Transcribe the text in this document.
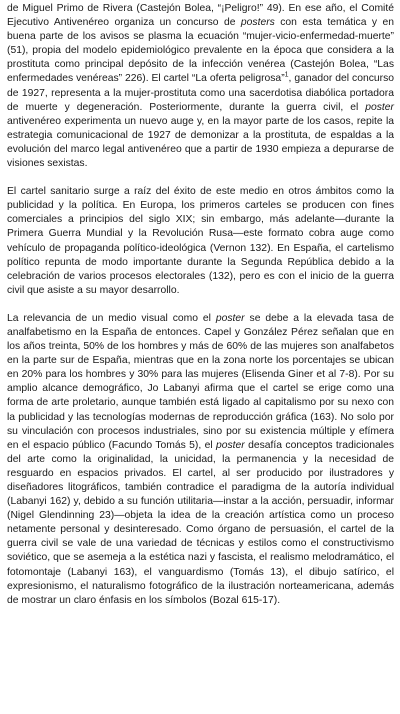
de Miguel Primo de Rivera (Castejón Bolea, “¡Peligro!” 49). En ese año, el Comité Ejecutivo Antivenéreo organiza un concurso de posters con esta temática y en buena parte de los avisos se plasma la ecuación “mujer-vicio-enfermedad-muerte” (51), propia del modelo epidemiológico prevalente en la época que considera a la prostituta como principal depósito de la infección venérea (Castejón Bolea, “Las enfermedades venéreas” 226). El cartel “La oferta peligrosa”$^1$, ganador del concurso de 1927, representa a la mujer-prostituta como una sacerdotisa diabólica portadora de muerte y degeneración. Posteriormente, durante la guerra civil, el poster antivenéreo experimenta un nuevo auge y, en la mayor parte de los casos, repite la estrategia comunicacional de 1927 de demonizar a la prostituta, de espaldas a la evolución del marco legal antivenéreo que a partir de 1930 empieza a depurarse de visiones sexistas.

El cartel sanitario surge a raíz del éxito de este medio en otros ámbitos como la publicidad y la política. En Europa, los primeros carteles se producen con fines comerciales a principios del siglo XIX; sin embargo, más adelante—durante la Primera Guerra Mundial y la Revolución Rusa—este formato cobra auge como vehículo de propaganda político-ideológica (Vernon 132). En España, el cartelismo político repunta de modo importante durante la Segunda República debido a la celebración de varios procesos electorales (132), pero es con el inicio de la guerra civil que asiste a su mayor desarrollo.

La relevancia de un medio visual como el poster se debe a la elevada tasa de analfabetismo en la España de entonces. Capel y González Pérez señalan que en los años treinta, 50% de los hombres y más de 60% de las mujeres son analfabetos en la parte sur de España, mientras que en la zona norte los porcentajes se ubican en 20% para los hombres y 30% para las mujeres (Elisenda Giner et al 7-8). Por su amplio alcance demográfico, Jo Labanyi afirma que el cartel se erige como una forma de arte proletario, aunque también está ligado al capitalismo por su nexo con la publicidad y las tecnologías modernas de reproducción gráfica (163). No solo por su vinculación con procesos industriales, sino por su existencia múltiple y efímera en el espacio público (Facundo Tomás 5), el poster desafía conceptos tradicionales del arte como la originalidad, la unicidad, la permanencia y la necesidad de resguardo en espacios privados. El cartel, al ser producido por ilustradores y diseñadores litográficos, también contradice el paradigma de la autoría individual (Labanyi 162) y, debido a su función utilitaria—instar a la acción, persuadir, informar (Nigel Glendinning 23)—objeta la idea de la creación artística como un proceso netamente personal y desinteresado. Como órgano de persuasión, el cartel de la guerra civil se vale de una variedad de técnicas y estilos como el constructivismo soviético, que se asemeja a la estética nazi y fascista, el realismo melodramático, el fotomontaje (Labanyi 163), el vanguardismo (Tomás 13), el dibujo satírico, el expresionismo, el naturalismo fotográfico de la ilustración norteamericana, además de mostrar un claro énfasis en los símbolos (Bozal 615-17).
